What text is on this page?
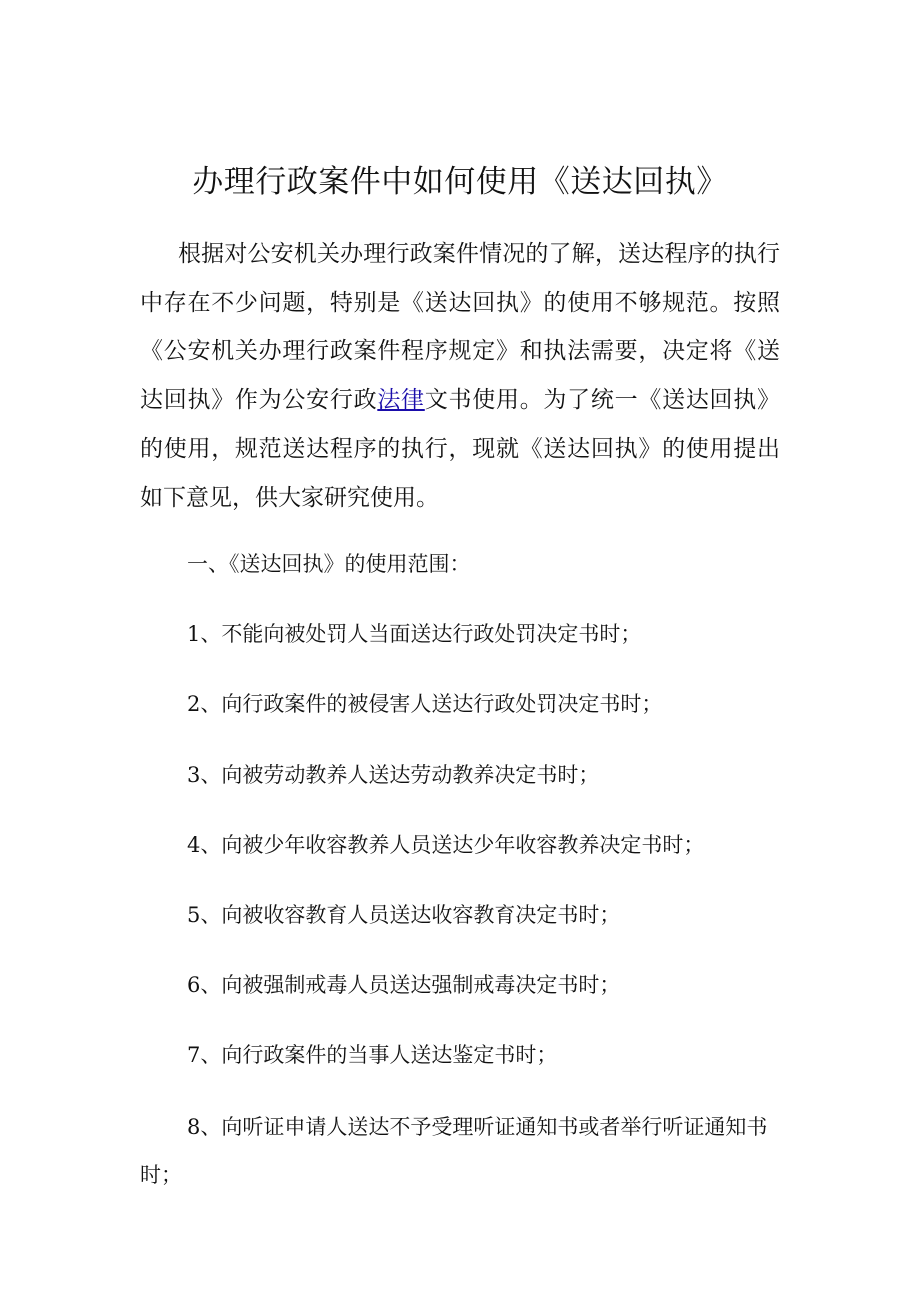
办理行政案件中如何使用《送达回执》

根据对公安机关办理行政案件情况的了解，送达程序的执行中存在不少问题，特别是《送达回执》的使用不够规范。按照《公安机关办理行政案件程序规定》和执法需要，决定将《送达回执》作为公安行政法律文书使用。为了统一《送达回执》的使用，规范送达程序的执行，现就《送达回执》的使用提出如下意见，供大家研究使用。

一、《送达回执》的使用范围：

1、不能向被处罚人当面送达行政处罚决定书时；

2、向行政案件的被侵害人送达行政处罚决定书时；

3、向被劳动教养人送达劳动教养决定书时；

4、向被少年收容教养人员送达少年收容教养决定书时；

5、向被收容教育人员送达收容教育决定书时；

6、向被强制戒毒人员送达强制戒毒决定书时；

7、向行政案件的当事人送达鉴定书时；

8、向听证申请人送达不予受理听证通知书或者举行听证通知书时；
